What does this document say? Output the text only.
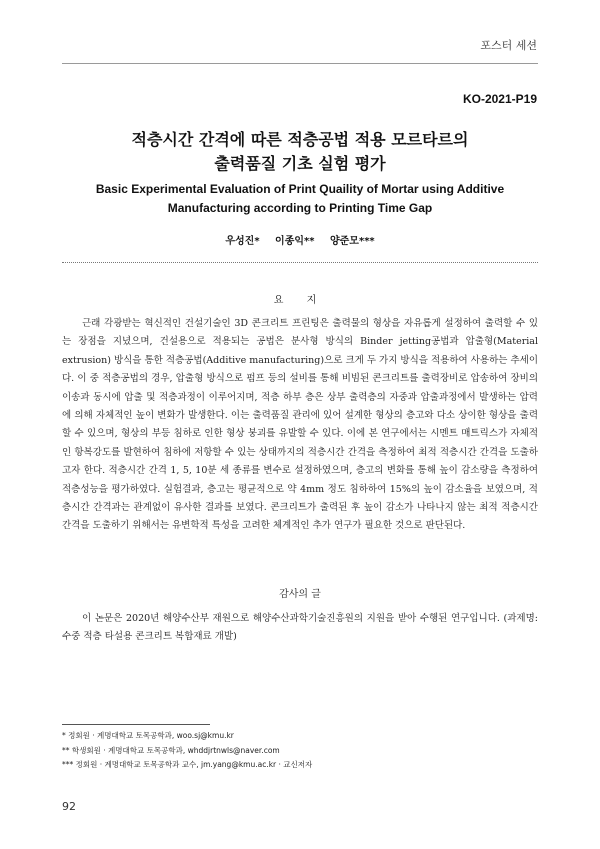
포스터 세션
KO-2021-P19
적층시간 간격에 따른 적층공법 적용 모르타르의
출력품질 기초 실험 평가
Basic Experimental Evaluation of Print Quaility of Mortar using Additive
Manufacturing according to Printing Time Gap
우성진* 이종익** 양준모***
요 지
근래 각광받는 혁신적인 건설기술인 3D 콘크리트 프린팅은 출력물의 형상을 자유롭게 설정하여 출력할 수 있는 장점을 지녔으며, 건설용으로 적용되는 공법은 분사형 방식의 Binder jetting공법과 압출형(Material extrusion) 방식을 통한 적층공법(Additive manufacturing)으로 크게 두 가지 방식을 적용하여 사용하는 추세이다. 이 중 적층공법의 경우, 압출형 방식으로 펌프 등의 설비를 통해 비빔된 콘크리트를 출력장비로 압송하여 장비의 이송과 동시에 압출 및 적층과정이 이루어지며, 적층 하부 층은 상부 출력층의 자중과 압출과정에서 발생하는 압력에 의해 자체적인 높이 변화가 발생한다. 이는 출력품질 관리에 있어 설계한 형상의 층고와 다소 상이한 형상을 출력할 수 있으며, 형상의 부등 침하로 인한 형상 붕괴를 유발할 수 있다. 이에 본 연구에서는 시멘트 매트릭스가 자체적인 항복강도를 발현하여 침하에 저항할 수 있는 상태까지의 적층시간 간격을 측정하여 최적 적층시간 간격을 도출하고자 한다. 적층시간 간격 1, 5, 10분 세 종류를 변수로 설정하였으며, 층고의 변화를 통해 높이 감소량을 측정하여 적층성능을 평가하였다. 실험결과, 층고는 평균적으로 약 4mm 정도 침하하여 15%의 높이 감소율을 보였으며, 적층시간 간격과는 관계없이 유사한 결과를 보였다. 콘크리트가 출력된 후 높이 감소가 나타나지 않는 최적 적층시간 간격을 도출하기 위해서는 유변학적 특성을 고려한 체계적인 추가 연구가 필요한 것으로 판단된다.
감사의 글
이 논문은 2020년 해양수산부 재원으로 해양수산과학기술진흥원의 지원을 받아 수행된 연구입니다. (과제명: 수중 적층 타설용 콘크리트 복합재료 개발)
* 정회원 · 계명대학교 토목공학과, woo.sj@kmu.kr
** 학생회원 · 계명대학교 토목공학과, whddjrtnwls@naver.com
*** 정회원 · 계명대학교 토목공학과 교수, jm.yang@kmu.ac.kr · 교신저자
92
